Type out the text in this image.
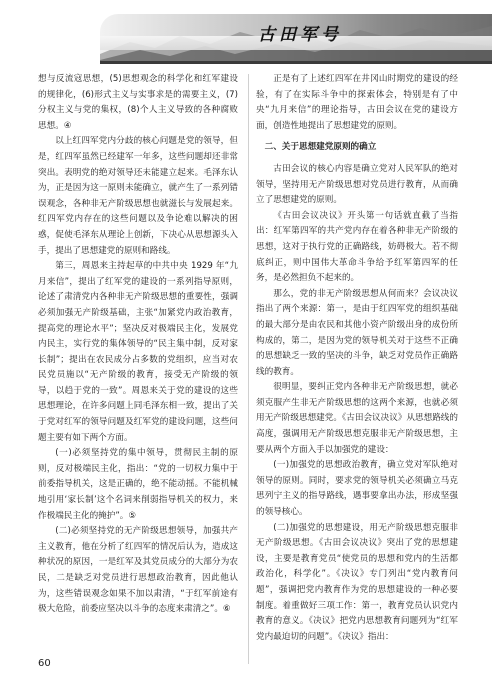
古田军号

想与反流寇思想，(5)思想观念的科学化和红军建设的规律化，(6)形式主义与实事求是的需要主义，(7)分权主义与党的集权，(8)个人主义导致的各种腐败思想。④

以上红四军党内分歧的核心问题是党的领导，但是，红四军虽然已经建军一年多，这些问题却还非常突出。表明党的绝对领导还未能建立起来。毛泽东认为，正是因为这一原则未能确立，就产生了一系列错误观念，各种非无产阶级思想也就滋长与发展起来。红四军党内存在的这些问题以及争论难以解决的困惑，促使毛泽东从理论上创新，下决心从思想源头入手，提出了思想建党的原则和路线。

第三，周恩来主持起草的中共中央 1929 年“九月来信”，提出了红军党的建设的一系列指导原则，论述了肃清党内各种非无产阶级思想的重要性，强调必须加强无产阶级基础，主张“加紧党内政治教育，提高党的理论水平”；坚决反对极端民主化，发展党内民主，实行党的集体领导的“民主集中制，反对家长制”；提出在农民成分占多数的党组织，应当对农民党员施以“无产阶级的教育，接受无产阶级的领导，以趋于党的一致”。周恩来关于党的建设的这些思想理论，在许多问题上同毛泽东相一致，提出了关于党对红军的领导问题及红军党的建设问题，这些问题主要有如下两个方面。

(一)必须坚持党的集中领导，贯彻民主制的原则，反对极端民主化，指出：“党的一切权力集中于前委指导机关，这是正确的，绝不能动摇。不能机械地引用‘家长制’这个名词来削弱指导机关的权力，来作极端民主化的掩护”。⑤

(二)必须坚持党的无产阶级思想领导，加强共产主义教育，他在分析了红四军的情况后认为，造成这种状况的原因，一是红军及其党员成分的大部分为农民，二是缺乏对党员进行思想政治教育，因此他认为，这些错误观念如果不加以肃清，“于红军前途有极大危险，前委应坚决以斗争的态度来肃清之”。⑥

正是有了上述红四军在井冈山时期党的建设的经验，有了在实际斗争中的探索体会，特别是有了中央“九月来信”的理论指导，古田会议在党的建设方面，创造性地提出了思想建党的原则。

二、关于思想建党原则的确立

古田会议的核心内容是确立党对人民军队的绝对领导，坚持用无产阶级思想对党员进行教育，从而确立了思想建党的原则。

《古田会议决议》开头第一句话就直截了当指出：红军第四军的共产党内存在着各种非无产阶级的思想，这对于执行党的正确路线，妨碍极大。若不彻底纠正，则中国伟大革命斗争给予红军第四军的任务，是必然担负不起来的。

那么，党的非无产阶级思想从何而来？会议决议指出了两个来源：第一，是由于红四军党的组织基础的最大部分是由农民和其他小资产阶级出身的成份所构成的，第二，是因为党的领导机关对于这些不正确的思想缺乏一致的坚决的斗争，缺乏对党员作正确路线的教育。

很明显，要纠正党内各种非无产阶级思想，就必须克服产生非无产阶级思想的这两个来源，也就必须用无产阶级思想建党。《古田会议决议》从思想路线的高度，强调用无产阶级思想克服非无产阶级思想，主要从两个方面入手以加强党的建设：

(一)加强党的思想政治教育，确立党对军队绝对领导的原则。同时，要求党的领导机关必须确立马克思列宁主义的指导路线，遇事要拿出办法，形成坚强的领导核心。

(二)加强党的思想建设，用无产阶级思想克服非无产阶级思想。《古田会议决议》突出了党的思想建设，主要是教育党员“使党员的思想和党内的生活都政治化，科学化”。《决议》专门列出“党内教育问题”，强调把党内教育作为党的思想建设的一种必要制度。着重做好三项工作：第一，教育党员认识党内教育的意义。《决议》把党内思想教育问题列为“红军党内最迫切的问题”。《决议》指出：

60
